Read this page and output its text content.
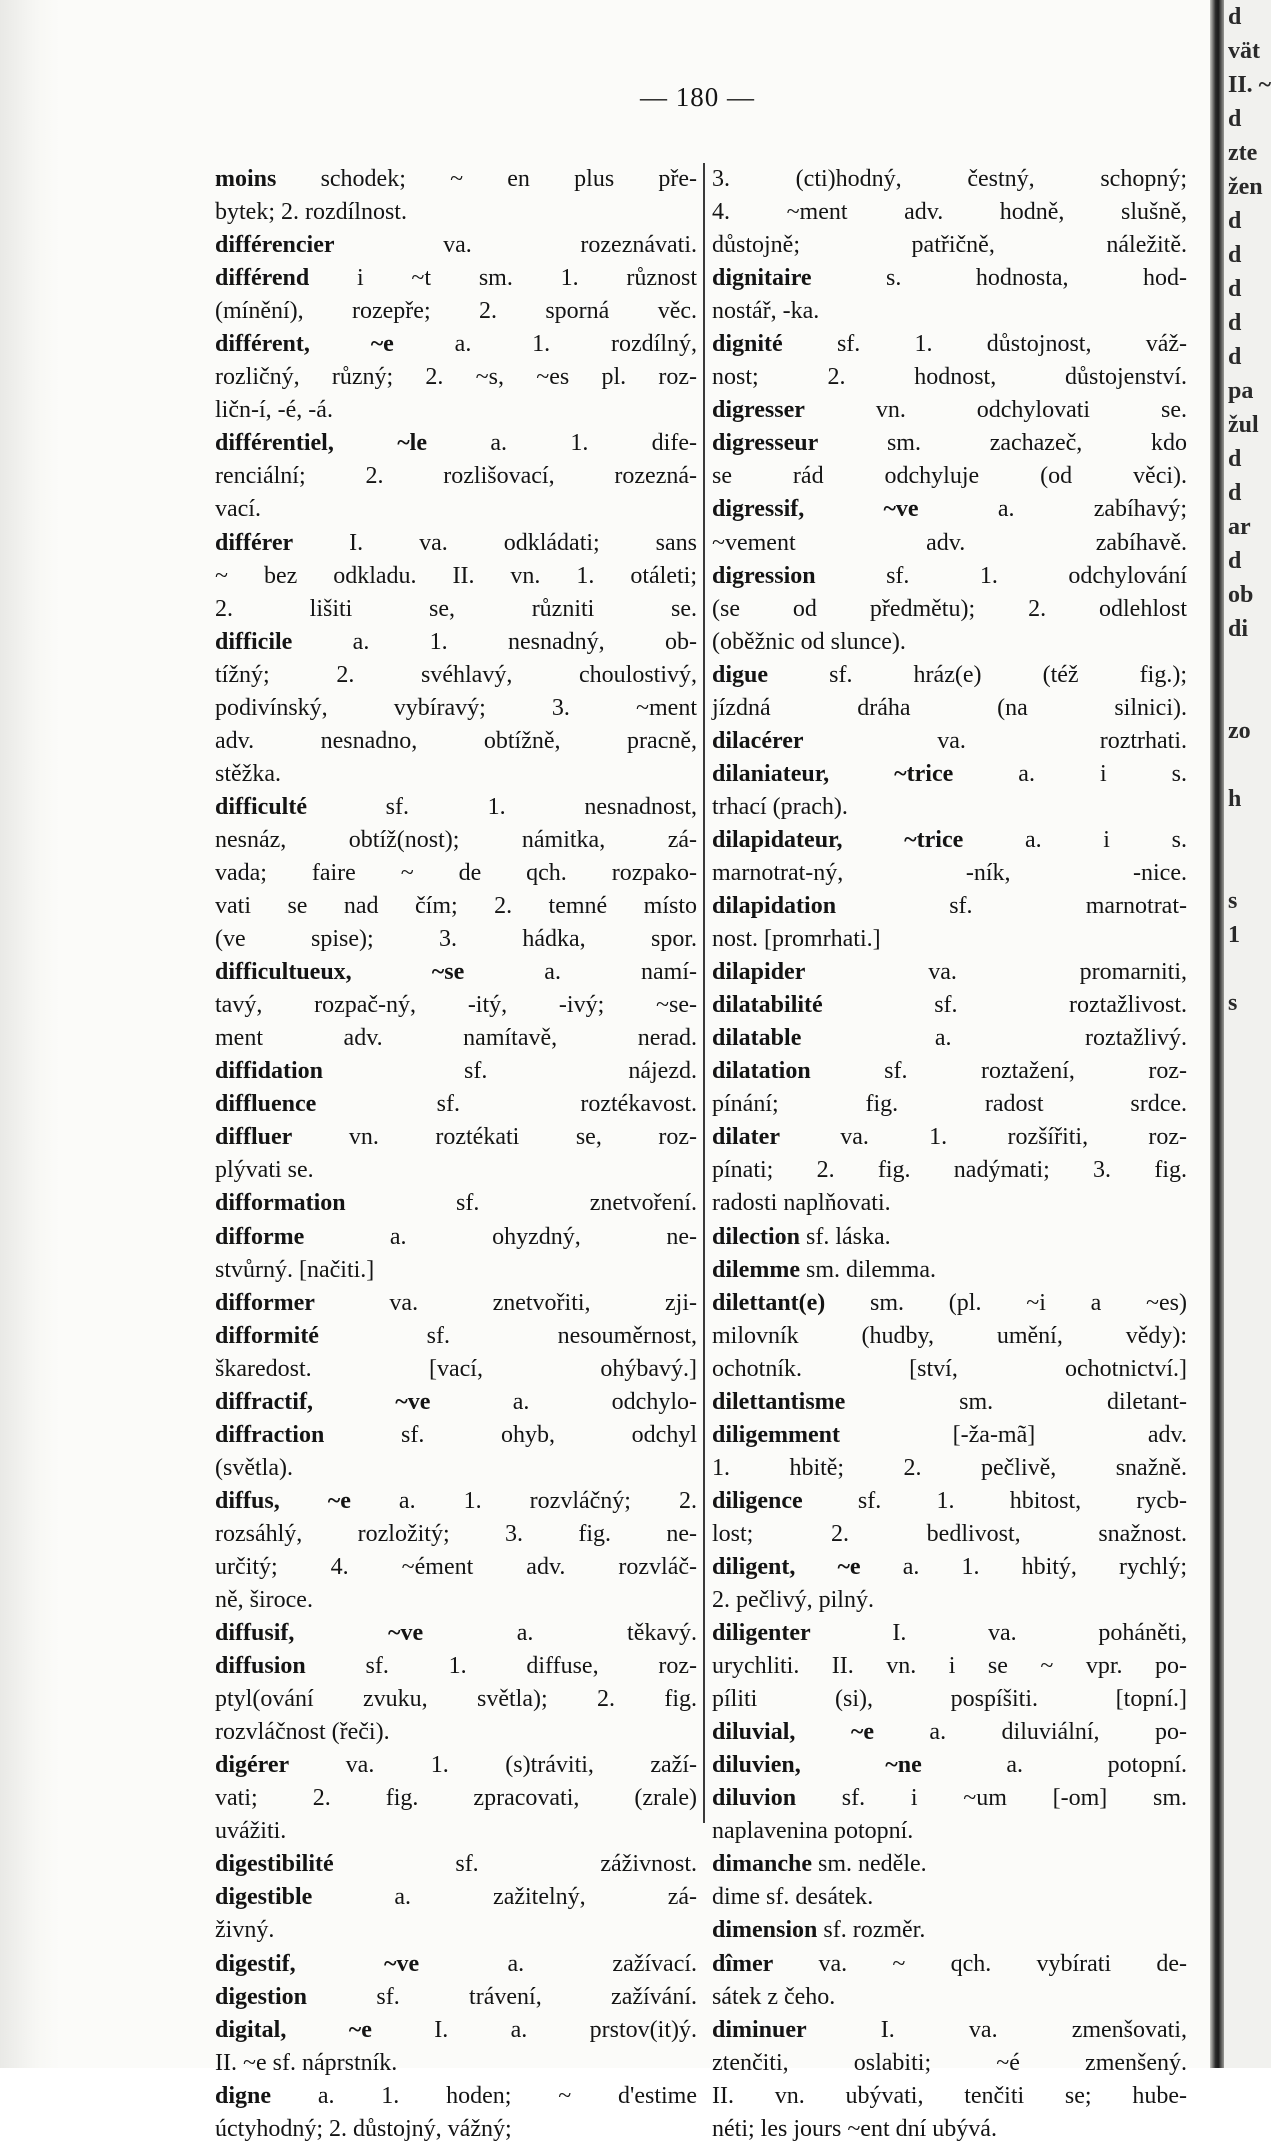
— 180 —
moins schodek; ~ en plus pře-
bytek; 2. rozdílnost.
différencier va. rozeznávati.
différend i ~t sm. 1. různost
(mínění), rozepře; 2. sporná věc.
différent, ~e a. 1. rozdílný,
rozličný, různý; 2. ~s, ~es pl. roz-
ličn-í, -é, -á.
différentiel, ~le a. 1. dife-
renciální; 2. rozlišovací, rozezná-
vací.
différer I. va. odkládati; sans
~ bez odkladu. II. vn. 1. otáleti;
2. lišiti se, různiti se.
difficile a. 1. nesnadný, ob-
tížný; 2. svéhlavý, choulostivý,
podivínský, vybíravý; 3. ~ment
adv. nesnadno, obtížně, pracně,
stěžka.
difficulté sf. 1. nesnadnost,
nesnáz, obtíž(nost); námitka, zá-
vada; faire ~ de qch. rozpako-
vati se nad čím; 2. temné místo
(ve spise); 3. hádka, spor.
difficultueux, ~se a. namí-
tavý, rozpač-ný, -itý, -ivý; ~se-
ment adv. namítavě, nerad.
diffidation sf. nájezd.
diffluence sf. roztékavost.
diffluer vn. roztékati se, roz-
plývati se.
difformation sf. znetvoření.
difforme a. ohyzdný, ne-
stvůrný. [načiti.]
difformer va. znetvořiti, zji-
difformité sf. nesouměrnost,
škaredost. [vací, ohýbavý.]
diffractif, ~ve a. odchylo-
diffraction sf. ohyb, odchyl
(světla).
diffus, ~e a. 1. rozvláčný; 2.
rozsáhlý, rozložitý; 3. fig. ne-
určitý; 4. ~ément adv. rozvláč-
ně, široce.
diffusif, ~ve a. těkavý.
diffusion sf. 1. diffuse, roz-
ptyl(ování zvuku, světla); 2. fig.
rozvláčnost (řeči).
digérer va. 1. (s)tráviti, zaží-
vati; 2. fig. zpracovati, (zrale)
uvážiti.
digestibilité sf. záživnost.
digestible a. zažitelný, zá-
živný.
digestif, ~ve a. zažívací.
digestion sf. trávení, zažívání.
digital, ~e I. a. prstov(it)ý.
II. ~e sf. náprstník.
digne a. 1. hoden; ~ d'estime
úctyhodný; 2. důstojný, vážný;
3. (cti)hodný, čestný, schopný;
4. ~ment adv. hodně, slušně,
důstojně; patřičně, náležitě.
dignitaire s. hodnosta, hod-
nostář, -ka.
dignité sf. 1. důstojnost, váž-
nost; 2. hodnost, důstojenství.
digresser vn. odchylovati se.
digresseur sm. zachazeč, kdo
se rád odchyluje (od věci).
digressif, ~ve a. zabíhavý;
~vement adv. zabíhavě.
digression sf. 1. odchylování
(se od předmětu); 2. odlehlost
(oběžnic od slunce).
digue sf. hráz(e) (též fig.);
jízdná dráha (na silnici).
dilacérer va. roztrhati.
dilaniateur, ~trice a. i s.
trhací (prach).
dilapidateur, ~trice a. i s.
marnotrat-ný, -ník, -nice.
dilapidation sf. marnotrat-
nost. [promrhati.]
dilapider va. promarniti,
dilatabilité sf. roztažlivost.
dilatable a. roztažlivý.
dilatation sf. roztažení, roz-
pínání; fig. radost srdce.
dilater va. 1. rozšířiti, roz-
pínati; 2. fig. nadýmati; 3. fig.
radosti naplňovati.
dilection sf. láska.
dilemme sm. dilemma.
dilettant(e) sm. (pl. ~i a ~es)
milovník (hudby, umění, vědy):
ochotník. [ství, ochotnictví.]
dilettantisme sm. diletant-
diligemment [-ža-mã] adv.
1. hbitě; 2. pečlivě, snažně.
diligence sf. 1. hbitost, rycb-
lost; 2. bedlivost, snažnost.
diligent, ~e a. 1. hbitý, rychlý;
2. pečlivý, pilný.
diligenter I. va. poháněti,
urychliti. II. vn. i se ~ vpr. po-
píliti (si), pospíšiti. [topní.]
diluvial, ~e a. diluviální, po-
diluvien, ~ne a. potopní.
diluvion sf. i ~um [-om] sm.
naplavenina potopní.
dimanche sm. neděle.
dime sf. desátek.
dimension sf. rozměr.
dîmer va. ~ qch. vybírati de-
sátek z čeho.
diminuer I. va. zmenšovati,
ztenčiti, oslabiti; ~é zmenšený.
II. vn. ubývati, tenčiti se; hube-
néti; les jours ~ent dní ubývá.
d
vät
II. ~
d
zte
žen
d
d
d
d
d
pa
žul
d
d
ar
d
ob
di
zo
h
s
1
s
